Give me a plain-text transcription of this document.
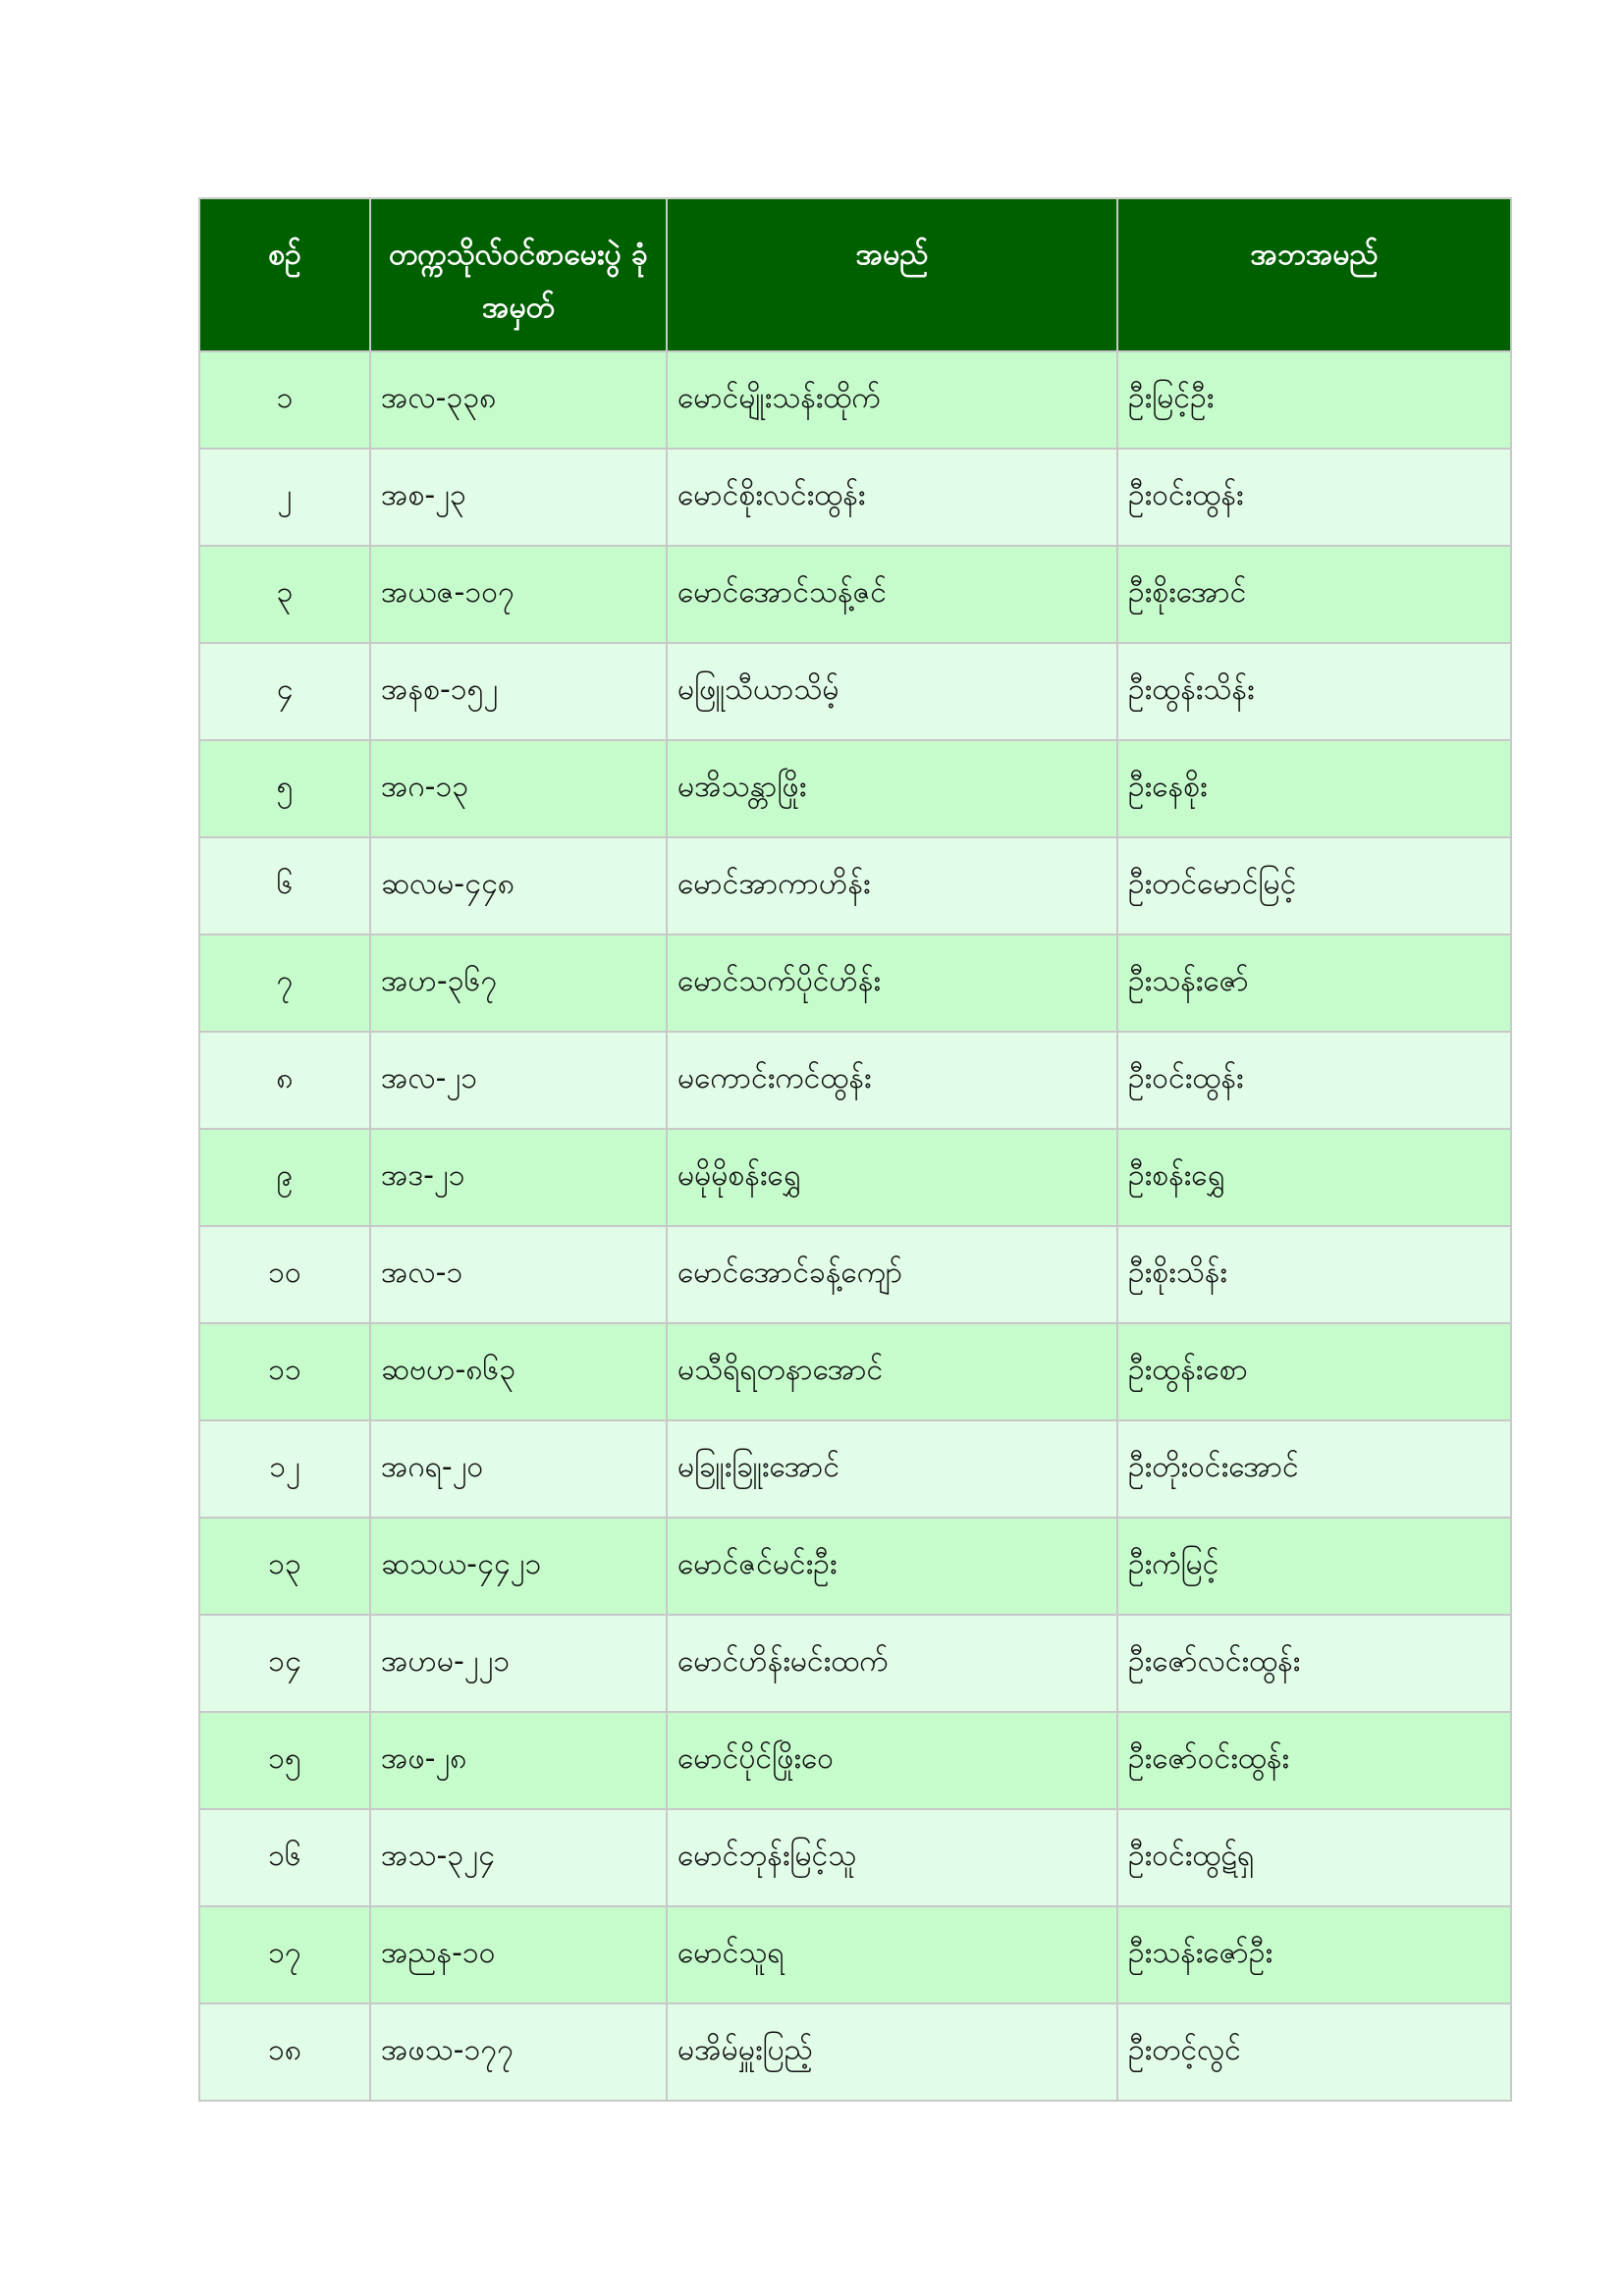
စဉ်	တက္ကသိုလ်ဝင်စာမေးပွဲ ခုံအမှတ်	အမည်	အဘအမည်
၁	အလ-၃၃၈	မောင်မျိုးသန်းထိုက်	ဦးမြင့်ဦး
၂	အစ-၂၃	မောင်စိုးလင်းထွန်း	ဦးဝင်းထွန်း
၃	အယဇ-၁၀၇	မောင်အောင်သန့်ဇင်	ဦးစိုးအောင်
၄	အနစ-၁၅၂	မဖြူသီယာသိမ့်	ဦးထွန်းသိန်း
၅	အဂ-၁၃	မအိသန္တာဖြိုး	ဦးနေစိုး
၆	ဆလမ-၄၄၈	မောင်အာကာဟိန်း	ဦးတင်မောင်မြင့်
၇	အဟ-၃၆၇	မောင်သက်ပိုင်ဟိန်း	ဦးသန်းဇော်
၈	အလ-၂၁	မကောင်းကင်ထွန်း	ဦးဝင်းထွန်း
၉	အဒ-၂၁	မမိုမိုစန်းရွှေ	ဦးစန်းရွှေ
၁၀	အလ-၁	မောင်အောင်ခန့်ကျော်	ဦးစိုးသိန်း
၁၁	ဆဗဟ-၈၆၃	မသီရိရတနာအောင်	ဦးထွန်းစော
၁၂	အဂရ-၂၀	မခြူးခြူးအောင်	ဦးတိုးဝင်းအောင်
၁၃	ဆသယ-၄၄၂၁	မောင်ဇင်မင်းဦး	ဦးကံမြင့်
၁၄	အဟမ-၂၂၁	မောင်ဟိန်းမင်းထက်	ဦးဇော်လင်းထွန်း
၁၅	အဖ-၂၈	မောင်ပိုင်ဖြိုးဝေ	ဦးဇော်ဝင်းထွန်း
၁၆	အသ-၃၂၄	မောင်ဘုန်းမြင့်သူ	ဦးဝင်းထွဋ်ရှ
၁၇	အညန-၁၀	မောင်သူရ	ဦးသန်းဇော်ဦး
၁၈	အဖသ-၁၇၇	မအိမ်မှူးပြည့်	ဦးတင့်လွင်
